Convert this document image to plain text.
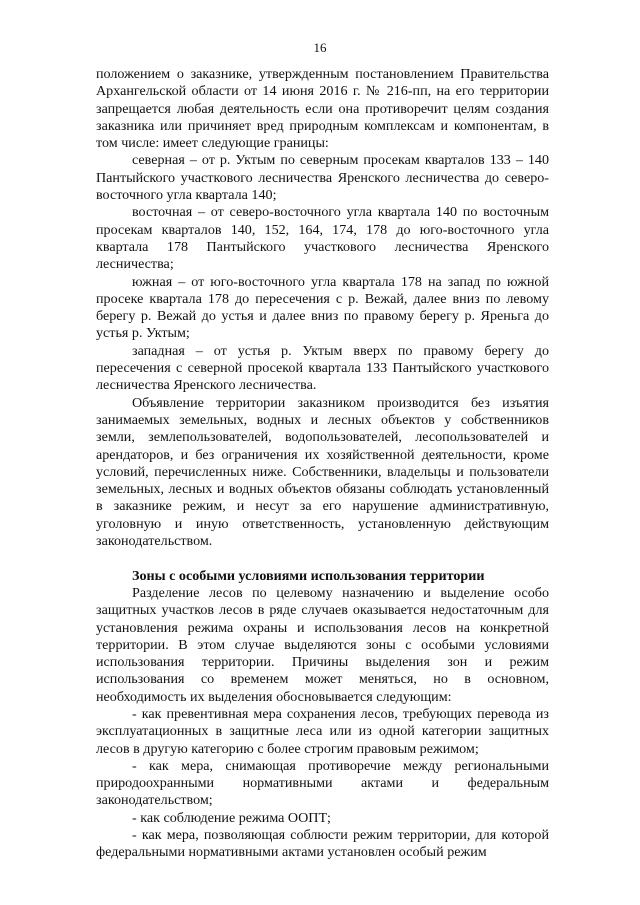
16

положением о заказнике, утвержденным постановлением Правительства Архангельской области от 14 июня 2016 г. № 216-пп, на его территории запрещается любая деятельность если она противоречит целям создания заказника или причиняет вред природным комплексам и компонентам, в том числе: имеет следующие границы:

северная – от р. Уктым по северным просекам кварталов 133 – 140 Пантыйского участкового лесничества Яренского лесничества до северо-восточного угла квартала 140;

восточная – от северо-восточного угла квартала 140 по восточным просекам кварталов 140, 152, 164, 174, 178 до юго-восточного угла квартала 178 Пантыйского участкового лесничества Яренского лесничества;

южная – от юго-восточного угла квартала 178 на запад по южной просеке квартала 178 до пересечения с р. Вежай, далее вниз по левому берегу р. Вежай до устья и далее вниз по правому берегу р. Яреньга до устья р. Уктым;

западная – от устья р. Уктым вверх по правому берегу до пересечения с северной просекой квартала 133 Пантыйского участкового лесничества Яренского лесничества.

Объявление территории заказником производится без изъятия занимаемых земельных, водных и лесных объектов у собственников земли, землепользователей, водопользователей, лесопользователей и арендаторов, и без ограничения их хозяйственной деятельности, кроме условий, перечисленных ниже. Собственники, владельцы и пользователи земельных, лесных и водных объектов обязаны соблюдать установленный в заказнике режим, и несут за его нарушение административную, уголовную и иную ответственность, установленную действующим законодательством.

Зоны с особыми условиями использования территории

Разделение лесов по целевому назначению и выделение особо защитных участков лесов в ряде случаев оказывается недостаточным для установления режима охраны и использования лесов на конкретной территории. В этом случае выделяются зоны с особыми условиями использования территории. Причины выделения зон и режим использования со временем может меняться, но в основном, необходимость их выделения обосновывается следующим:

- как превентивная мера сохранения лесов, требующих перевода из эксплуатационных в защитные леса или из одной категории защитных лесов в другую категорию с более строгим правовым режимом;

- как мера, снимающая противоречие между региональными природоохранными нормативными актами и федеральным законодательством;

- как соблюдение режима ООПТ;

- как мера, позволяющая соблюсти режим территории, для которой федеральными нормативными актами установлен особый режим
